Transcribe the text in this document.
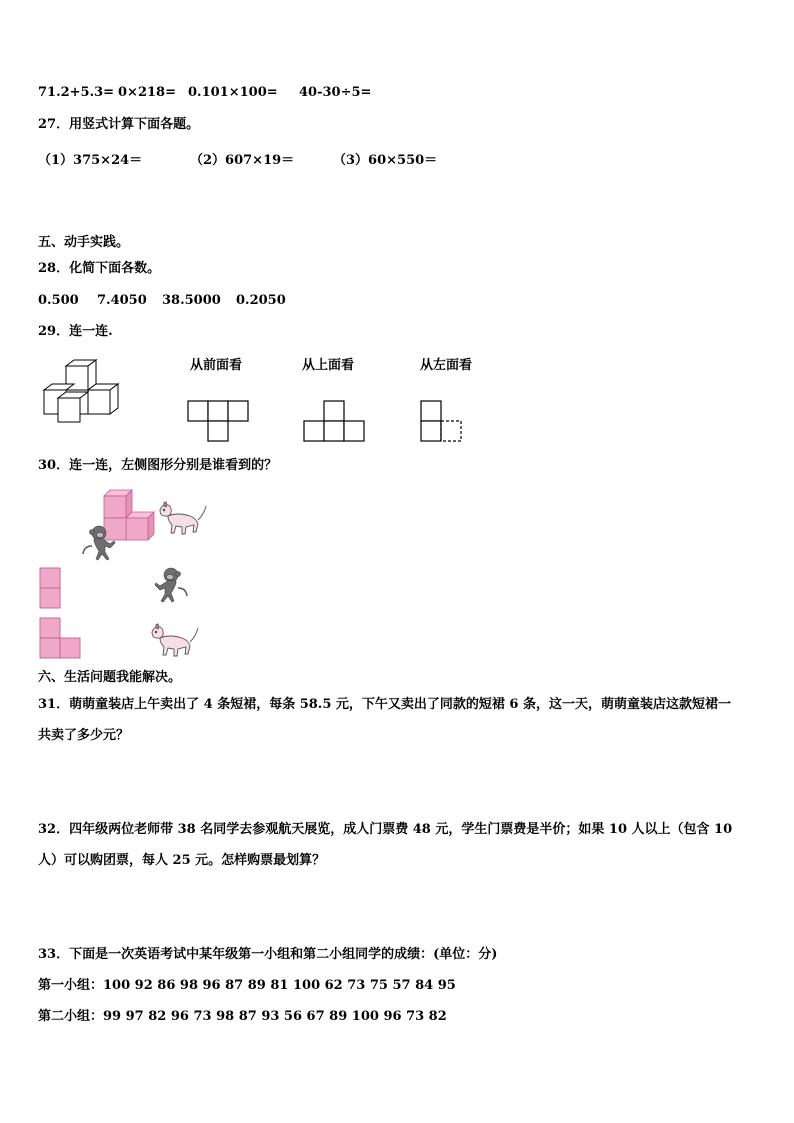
71.2+5.3= 0×218= 0.101×100= 40-30÷5=
27．用竖式计算下面各题。
（1）375×24＝	（2）607×19＝	（3）60×550＝
五、动手实践。
28．化简下面各数。
0.500 7.4050 38.5000 0.2050
29．连一连.
从前面看	从上面看	从左面看
30．连一连，左侧图形分别是谁看到的？
六、生活问题我能解决。
31．萌萌童装店上午卖出了 4 条短裙，每条 58.5 元，下午又卖出了同款的短裙 6 条，这一天，萌萌童装店这款短裙一
共卖了多少元？
32．四年级两位老师带 38 名同学去参观航天展览，成人门票费 48 元，学生门票费是半价；如果 10 人以上（包含 10
人）可以购团票，每人 25 元。怎样购票最划算？
33．下面是一次英语考试中某年级第一小组和第二小组同学的成绩：(单位：分)
第一小组：100 92 86 98 96 87 89 81 100 62 73 75 57 84 95
第二小组：99 97 82 96 73 98 87 93 56 67 89 100 96 73 82
